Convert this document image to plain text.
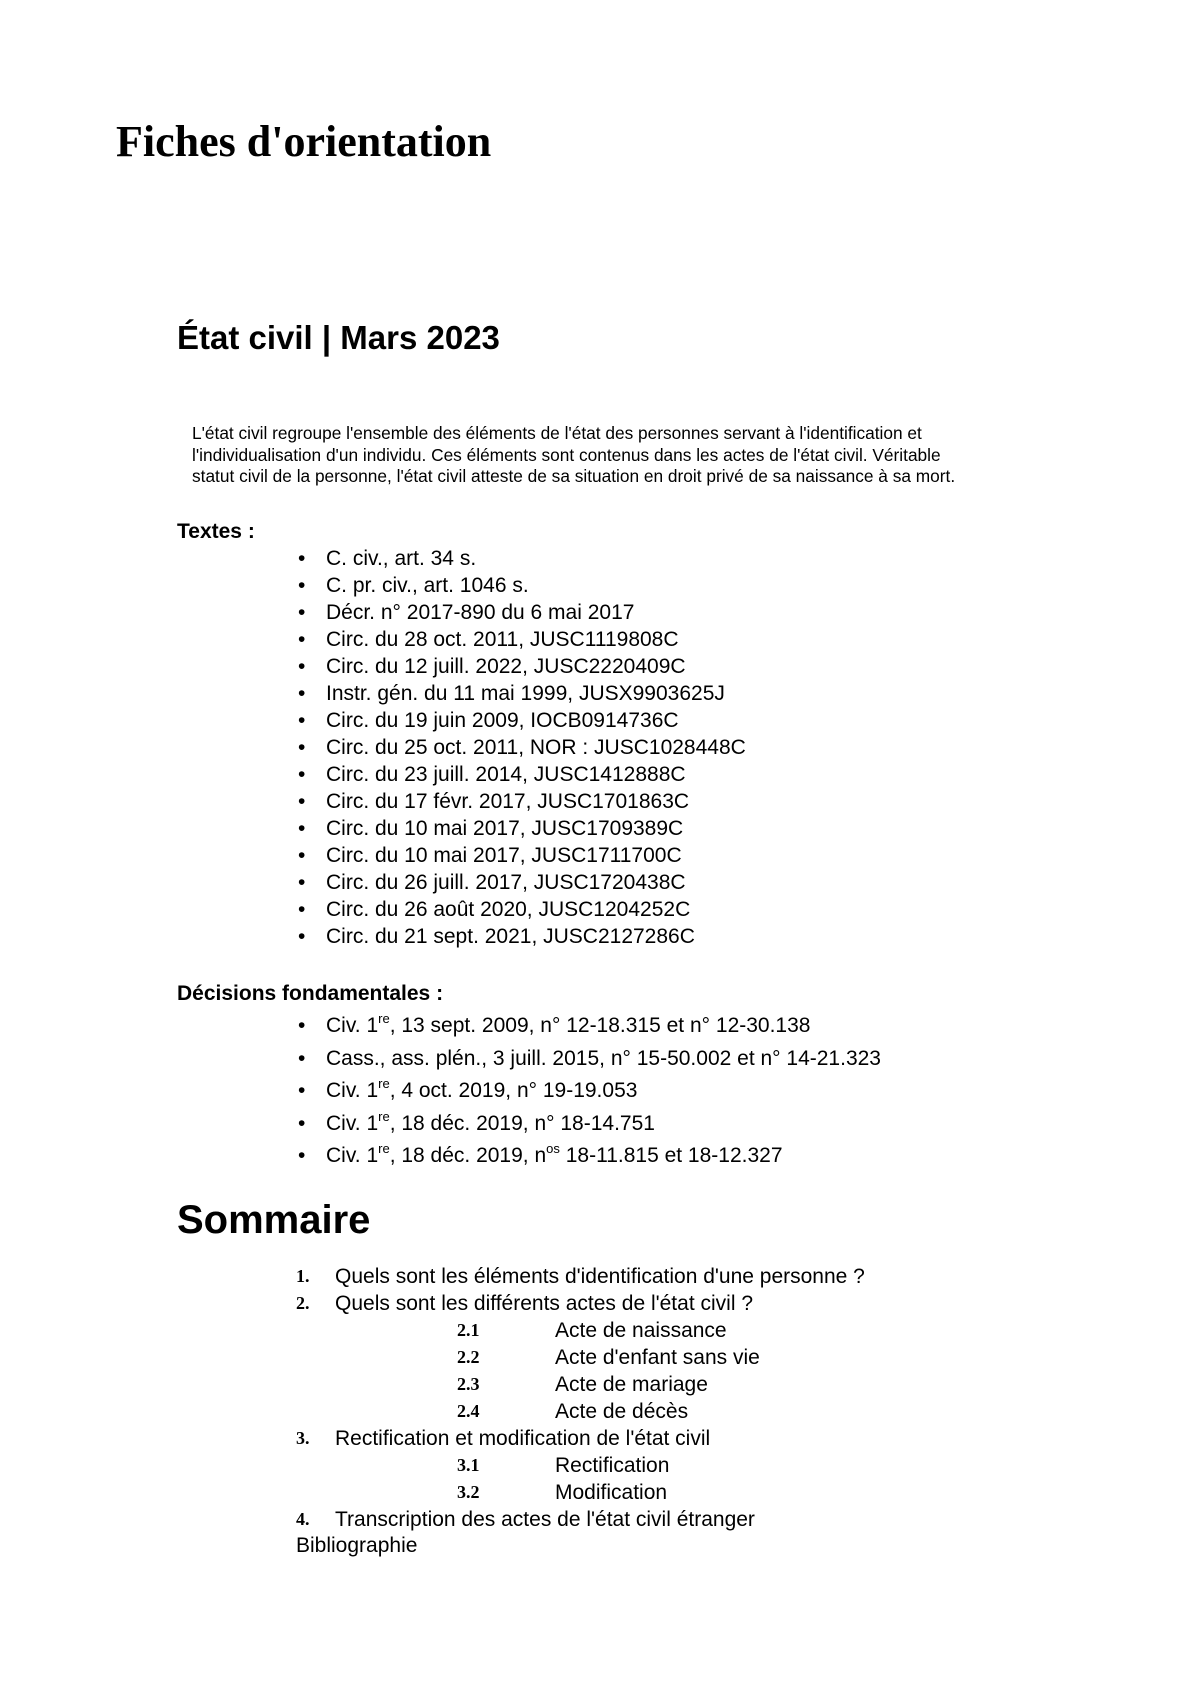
Fiches d'orientation
État civil | Mars 2023

L'état civil regroupe l'ensemble des éléments de l'état des personnes servant à l'identification et
l'individualisation d'un individu. Ces éléments sont contenus dans les actes de l'état civil. Véritable
statut civil de la personne, l'état civil atteste de sa situation en droit privé de sa naissance à sa mort.

Textes :
• C. civ., art. 34 s.
• C. pr. civ., art. 1046 s.
• Décr. n° 2017-890 du 6 mai 2017
• Circ. du 28 oct. 2011, JUSC1119808C
• Circ. du 12 juill. 2022, JUSC2220409C
• Instr. gén. du 11 mai 1999, JUSX9903625J
• Circ. du 19 juin 2009, IOCB0914736C
• Circ. du 25 oct. 2011, NOR : JUSC1028448C
• Circ. du 23 juill. 2014, JUSC1412888C
• Circ. du 17 févr. 2017, JUSC1701863C
• Circ. du 10 mai 2017, JUSC1709389C
• Circ. du 10 mai 2017, JUSC1711700C
• Circ. du 26 juill. 2017, JUSC1720438C
• Circ. du 26 août 2020, JUSC1204252C
• Circ. du 21 sept. 2021, JUSC2127286C
Décisions fondamentales :
• Civ. 1re, 13 sept. 2009, n° 12-18.315 et n° 12-30.138
• Cass., ass. plén., 3 juill. 2015, n° 15-50.002 et n° 14-21.323
• Civ. 1re, 4 oct. 2019, n° 19-19.053
• Civ. 1re, 18 déc. 2019, n° 18-14.751
• Civ. 1re, 18 déc. 2019, $n^{os}$ 18-11.815 et 18-12.327
Sommaire
1. Quels sont les éléments d'identification d'une personne ?
2. Quels sont les différents actes de l'état civil ?
2.1	Acte de naissance
2.2	Acte d'enfant sans vie
2.3	Acte de mariage
2.4	Acte de décès
3. Rectification et modification de l'état civil
3.1	Rectification
3.2	Modification
4. Transcription des actes de l'état civil étranger

Bibliographie
